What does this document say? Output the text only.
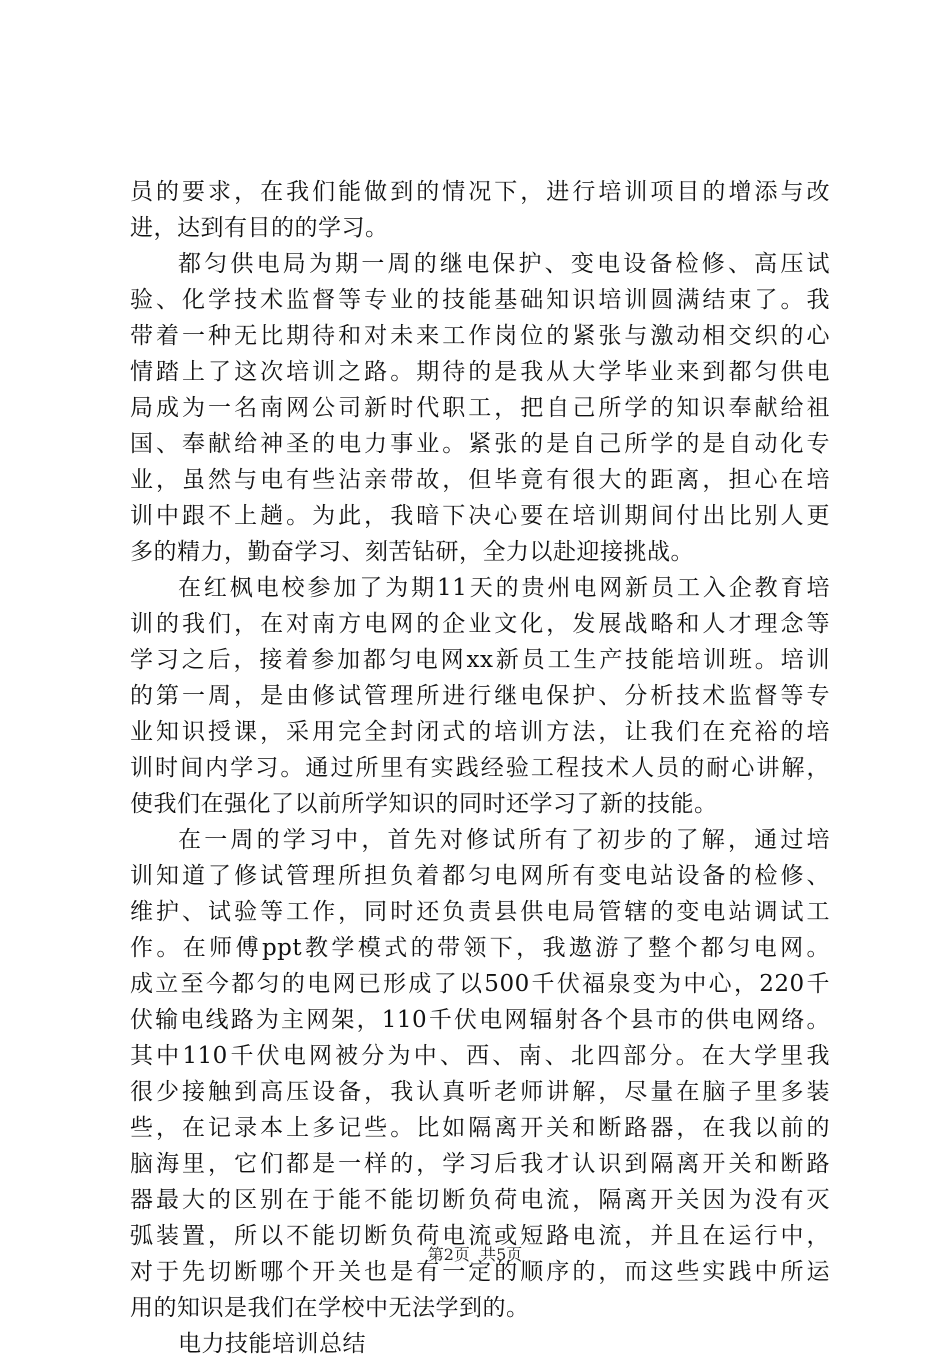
员的要求，在我们能做到的情况下，进行培训项目的增添与改
进，达到有目的的学习。
都匀供电局为期一周的继电保护、变电设备检修、高压试
验、化学技术监督等专业的技能基础知识培训圆满结束了。我
带着一种无比期待和对未来工作岗位的紧张与激动相交织的心
情踏上了这次培训之路。期待的是我从大学毕业来到都匀供电
局成为一名南网公司新时代职工，把自己所学的知识奉献给祖
国、奉献给神圣的电力事业。紧张的是自己所学的是自动化专
业，虽然与电有些沾亲带故，但毕竟有很大的距离，担心在培
训中跟不上趟。为此，我暗下决心要在培训期间付出比别人更
多的精力，勤奋学习、刻苦钻研，全力以赴迎接挑战。
在红枫电校参加了为期11天的贵州电网新员工入企教育培
训的我们，在对南方电网的企业文化，发展战略和人才理念等
学习之后，接着参加都匀电网xx新员工生产技能培训班。培训
的第一周，是由修试管理所进行继电保护、分析技术监督等专
业知识授课，采用完全封闭式的培训方法，让我们在充裕的培
训时间内学习。通过所里有实践经验工程技术人员的耐心讲解，
使我们在强化了以前所学知识的同时还学习了新的技能。
在一周的学习中，首先对修试所有了初步的了解，通过培
训知道了修试管理所担负着都匀电网所有变电站设备的检修、
维护、试验等工作，同时还负责县供电局管辖的变电站调试工
作。在师傅ppt教学模式的带领下，我遨游了整个都匀电网。
成立至今都匀的电网已形成了以500千伏福泉变为中心，220千
伏输电线路为主网架，110千伏电网辐射各个县市的供电网络。
其中110千伏电网被分为中、西、南、北四部分。在大学里我
很少接触到高压设备，我认真听老师讲解，尽量在脑子里多装
些，在记录本上多记些。比如隔离开关和断路器，在我以前的
脑海里，它们都是一样的，学习后我才认识到隔离开关和断路
器最大的区别在于能不能切断负荷电流，隔离开关因为没有灭
弧装置，所以不能切断负荷电流或短路电流，并且在运行中，
对于先切断哪个开关也是有一定的顺序的，而这些实践中所运
用的知识是我们在学校中无法学到的。
电力技能培训总结
第2页  共5页
